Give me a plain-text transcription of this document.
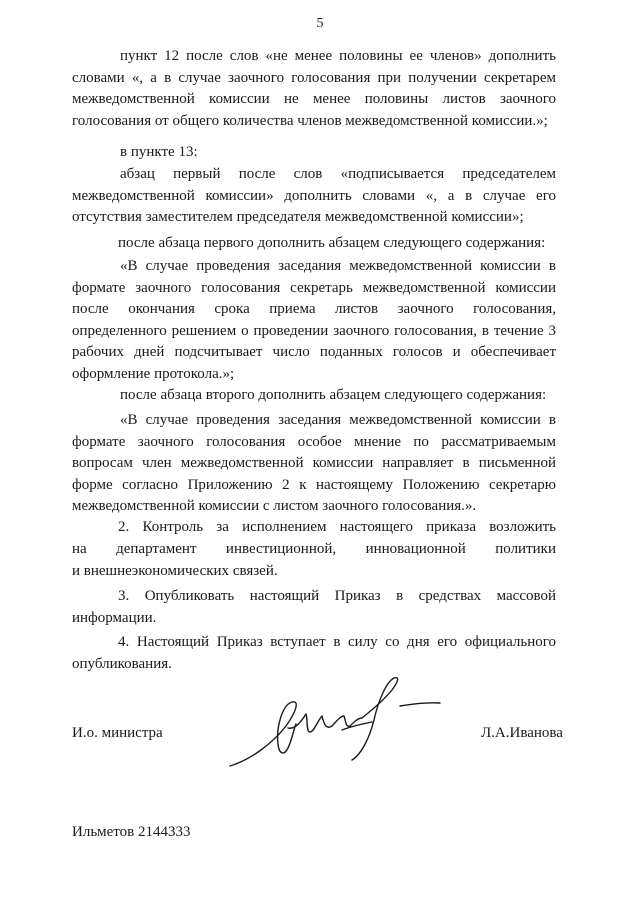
5
пункт 12 после слов «не менее половины ее членов» дополнить словами «, а в случае заочного голосования при получении секретарем межведомственной комиссии не менее половины листов заочного голосования от общего количества членов межведомственной комиссии.»;
в пункте 13:
абзац первый после слов «подписывается председателем межведомственной комиссии» дополнить словами «, а в случае его отсутствия заместителем председателя межведомственной комиссии»;
после абзаца первого дополнить абзацем следующего содержания:
«В случае проведения заседания межведомственной комиссии в формате заочного голосования секретарь межведомственной комиссии после окончания срока приема листов заочного голосования, определенного решением о проведении заочного голосования, в течение 3 рабочих дней подсчитывает число поданных голосов и обеспечивает оформление протокола.»;
после абзаца второго дополнить абзацем следующего содержания:
«В случае проведения заседания межведомственной комиссии в формате заочного голосования особое мнение по рассматриваемым вопросам член межведомственной комиссии направляет в письменной форме согласно Приложению 2 к настоящему Положению секретарю межведомственной комиссии с листом заочного голосования.».
2. Контроль за исполнением настоящего приказа возложить
на департамент инвестиционной, инновационной политики
и внешнеэкономических связей.
3. Опубликовать настоящий Приказ в средствах массовой информации.
4. Настоящий Приказ вступает в силу со дня его официального опубликования.
И.о. министра	Л.А.Иванова
Ильметов 2144333
